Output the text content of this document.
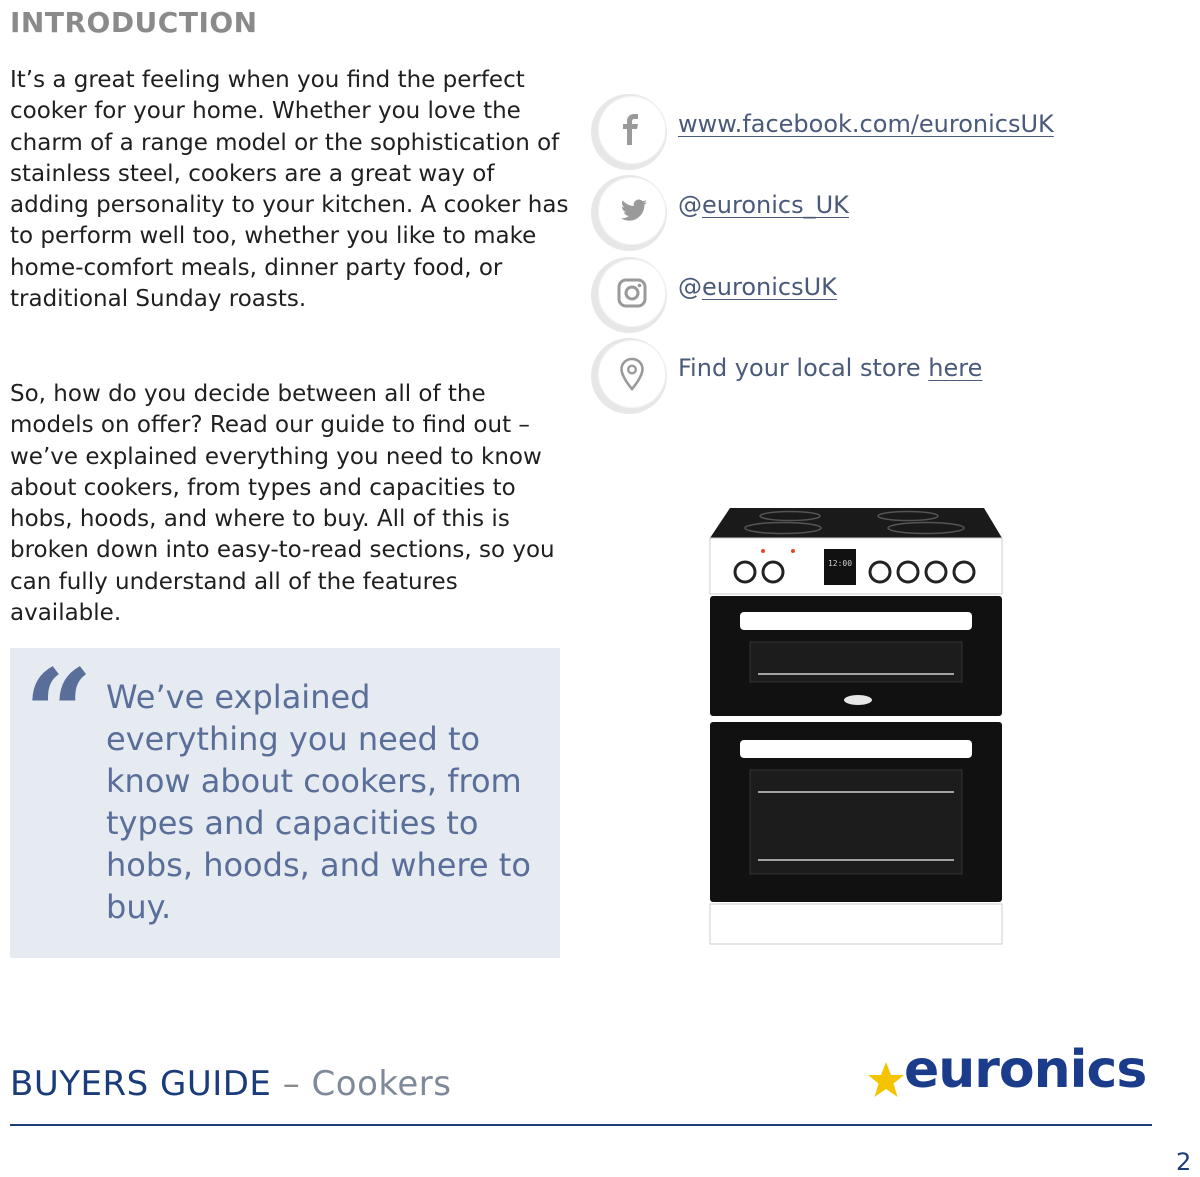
INTRODUCTION

It’s a great feeling when you find the perfect cooker for your home. Whether you love the charm of a range model or the sophistication of stainless steel, cookers are a great way of adding personality to your kitchen. A cooker has to perform well too, whether you like to make home-comfort meals, dinner party food, or traditional Sunday roasts.

So, how do you decide between all of the models on offer? Read our guide to find out – we’ve explained everything you need to know about cookers, from types and capacities to hobs, hoods, and where to buy. All of this is broken down into easy-to-read sections, so you can fully understand all of the features available.

“ We’ve explained everything you need to know about cookers, from types and capacities to hobs, hoods, and where to buy.

www.facebook.com/euronicsUK
@euronics_UK
@euronicsUK
Find your local store here
12:00
BUYERS GUIDE – Cookers	euronics
2
